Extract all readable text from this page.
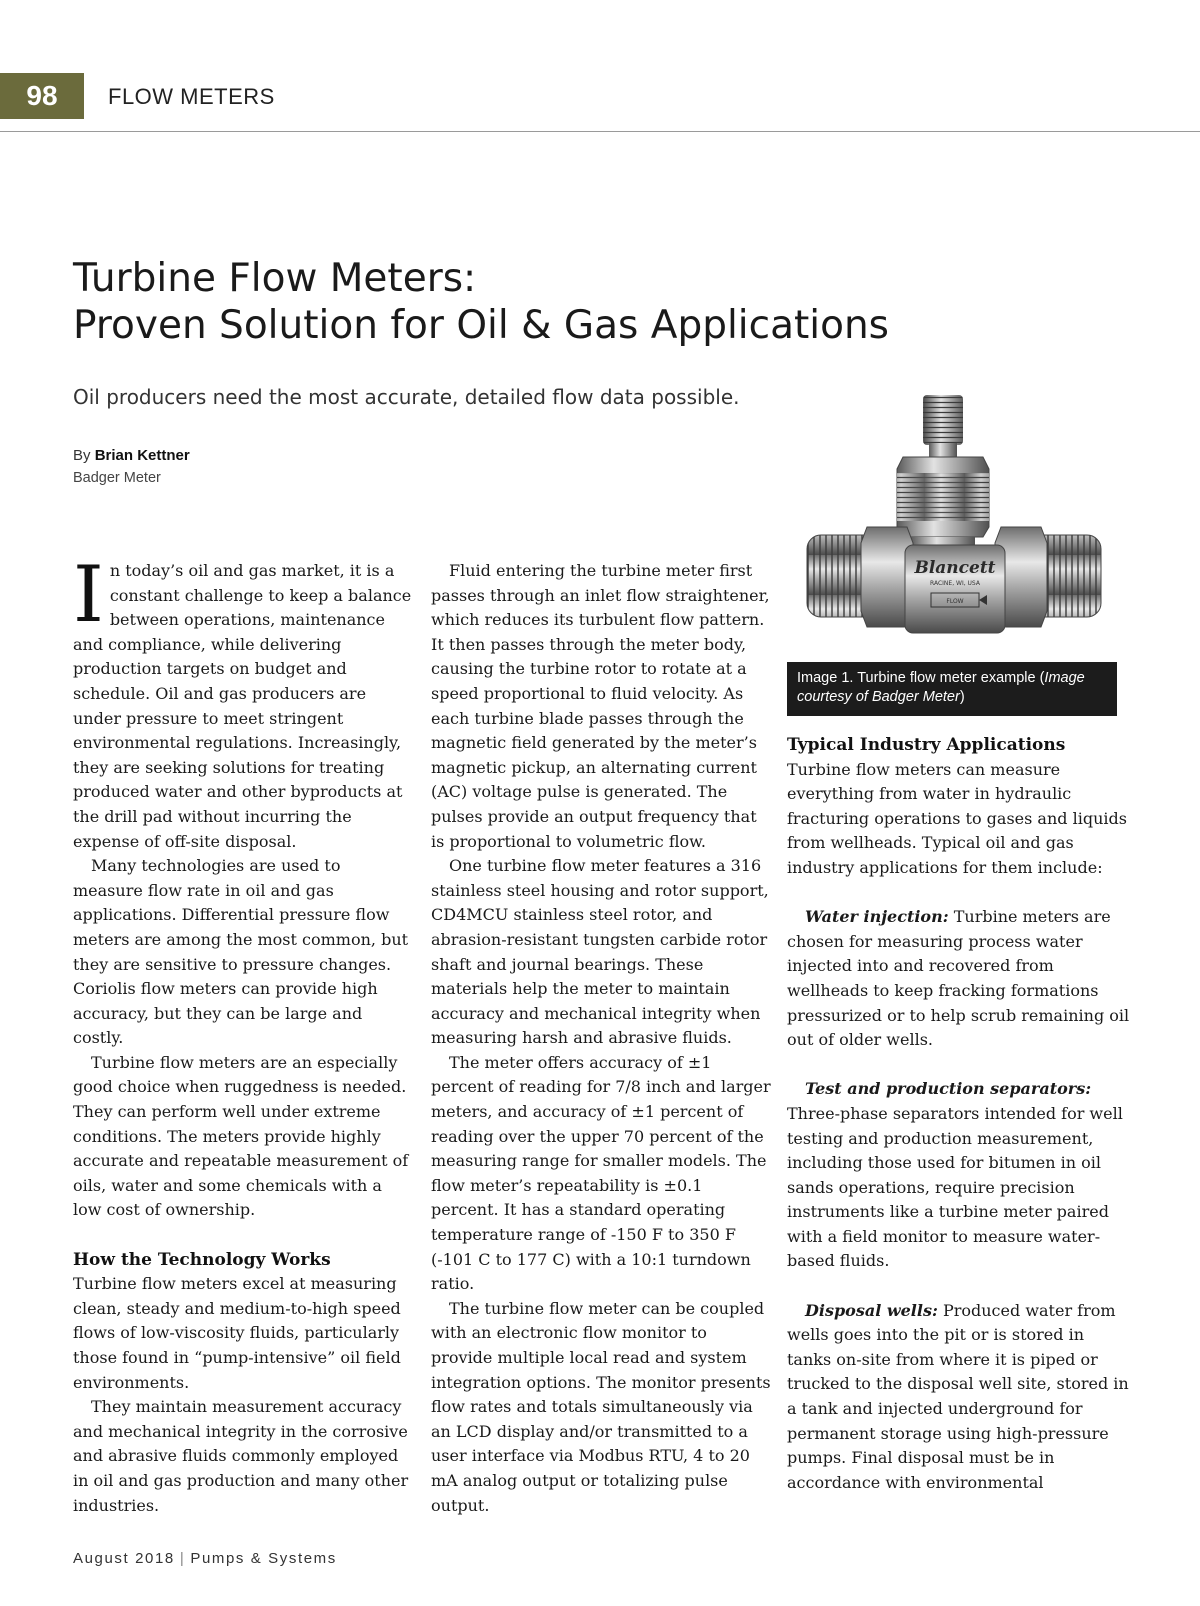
98 FLOW METERS
Turbine Flow Meters:
Proven Solution for Oil & Gas Applications
Oil producers need the most accurate, detailed flow data possible.
By Brian Kettner
Badger Meter
Blancett
RACINE, WI, USA
FLOW
Image 1. Turbine flow meter example (Image courtesy of Badger Meter)

In today’s oil and gas market, it is a constant challenge to keep a balance between operations, maintenance and compliance, while delivering production targets on budget and schedule. Oil and gas producers are under pressure to meet stringent environmental regulations. Increasingly, they are seeking solutions for treating produced water and other byproducts at the drill pad without incurring the expense of off-site disposal.

Many technologies are used to measure flow rate in oil and gas applications. Differential pressure flow meters are among the most common, but they are sensitive to pressure changes. Coriolis flow meters can provide high accuracy, but they can be large and costly.

Turbine flow meters are an especially good choice when ruggedness is needed. They can perform well under extreme conditions. The meters provide highly accurate and repeatable measurement of oils, water and some chemicals with a low cost of ownership.

How the Technology Works

Turbine flow meters excel at measuring clean, steady and medium-to-high speed flows of low-viscosity fluids, particularly those found in “pump-intensive” oil field environments.

They maintain measurement accuracy and mechanical integrity in the corrosive and abrasive fluids commonly employed in oil and gas production and many other industries.

Fluid entering the turbine meter first passes through an inlet flow straightener, which reduces its turbulent flow pattern. It then passes through the meter body, causing the turbine rotor to rotate at a speed proportional to fluid velocity. As each turbine blade passes through the magnetic field generated by the meter’s magnetic pickup, an alternating current (AC) voltage pulse is generated. The pulses provide an output frequency that is proportional to volumetric flow.

One turbine flow meter features a 316 stainless steel housing and rotor support, CD4MCU stainless steel rotor, and abrasion-resistant tungsten carbide rotor shaft and journal bearings. These materials help the meter to maintain accuracy and mechanical integrity when measuring harsh and abrasive fluids.

The meter offers accuracy of ±1 percent of reading for 7/8 inch and larger meters, and accuracy of ±1 percent of reading over the upper 70 percent of the measuring range for smaller models. The flow meter’s repeatability is ±0.1 percent. It has a standard operating temperature range of -150 F to 350 F (-101 C to 177 C) with a 10:1 turndown ratio.

The turbine flow meter can be coupled with an electronic flow monitor to provide multiple local read and system integration options. The monitor presents flow rates and totals simultaneously via an LCD display and/or transmitted to a user interface via Modbus RTU, 4 to 20 mA analog output or totalizing pulse output.

Typical Industry Applications

Turbine flow meters can measure everything from water in hydraulic fracturing operations to gases and liquids from wellheads. Typical oil and gas industry applications for them include:

Water injection: Turbine meters are chosen for measuring process water injected into and recovered from wellheads to keep fracking formations pressurized or to help scrub remaining oil out of older wells.

Test and production separators: Three-phase separators intended for well testing and production measurement, including those used for bitumen in oil sands operations, require precision instruments like a turbine meter paired with a field monitor to measure water-based fluids.

Disposal wells: Produced water from wells goes into the pit or is stored in tanks on-site from where it is piped or trucked to the disposal well site, stored in a tank and injected underground for permanent storage using high-pressure pumps. Final disposal must be in accordance with environmental

August 2018 | Pumps & Systems
